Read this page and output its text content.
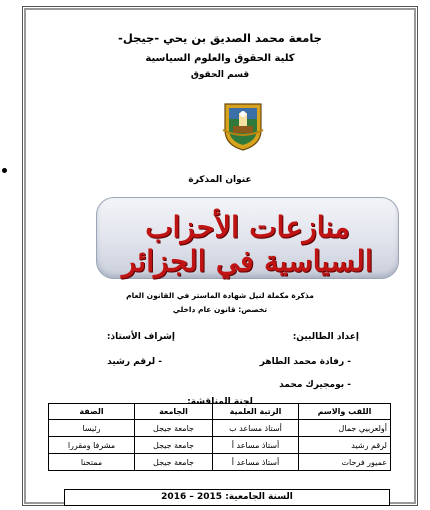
جامعة محمد الصديق بن يحي -جيجل-
كلية الحقوق والعلوم السياسية
قسم الحقوق
عنوان المذكرة
منازعات الأحزاب السياسية في الجزائر
مذكرة مكملة لنيل شهادة الماستر في القانون العام
تخصص: قانون عام داخلي
إعداد الطالبين:
إشراف الأستاذ:
- رفادة محمد الطاهر
- لرقم رشيد
- بومجيرك محمد
لجنة المناقشة:
اللقب والاسم	الرتبة العلمية	الجامعة	الصفة
أولعربيي جمال	أستاذ مساعد ب	جامعة جيجل	رئيسا
لرقم رشيد	أستاذ مساعد أ	جامعة جيجل	مشرفا ومقررا
عميور فرحات	أستاذ مساعد أ	جامعة جيجل	ممتحنا
السنة الجامعية: 2015 – 2016
